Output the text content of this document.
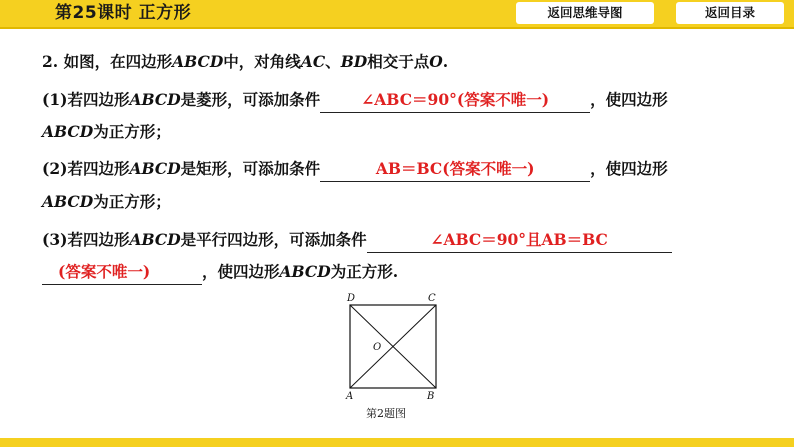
第25课时 正方形	返回思维导图	返回目录
2. 如图，在四边形ABCD中，对角线AC、BD相交于点O.
(1)若四边形ABCD是菱形，可添加条件	∠ABC＝90°(答案不唯一)	，使四边形
ABCD为正方形；
(2)若四边形ABCD是矩形，可添加条件	AB＝BC(答案不唯一)	，使四边形
ABCD为正方形；
(3)若四边形ABCD是平行四边形，可添加条件	∠ABC＝90°且AB＝BC
(答案不唯一)	，使四边形ABCD为正方形.
D	C
A	B
O
第2题图
